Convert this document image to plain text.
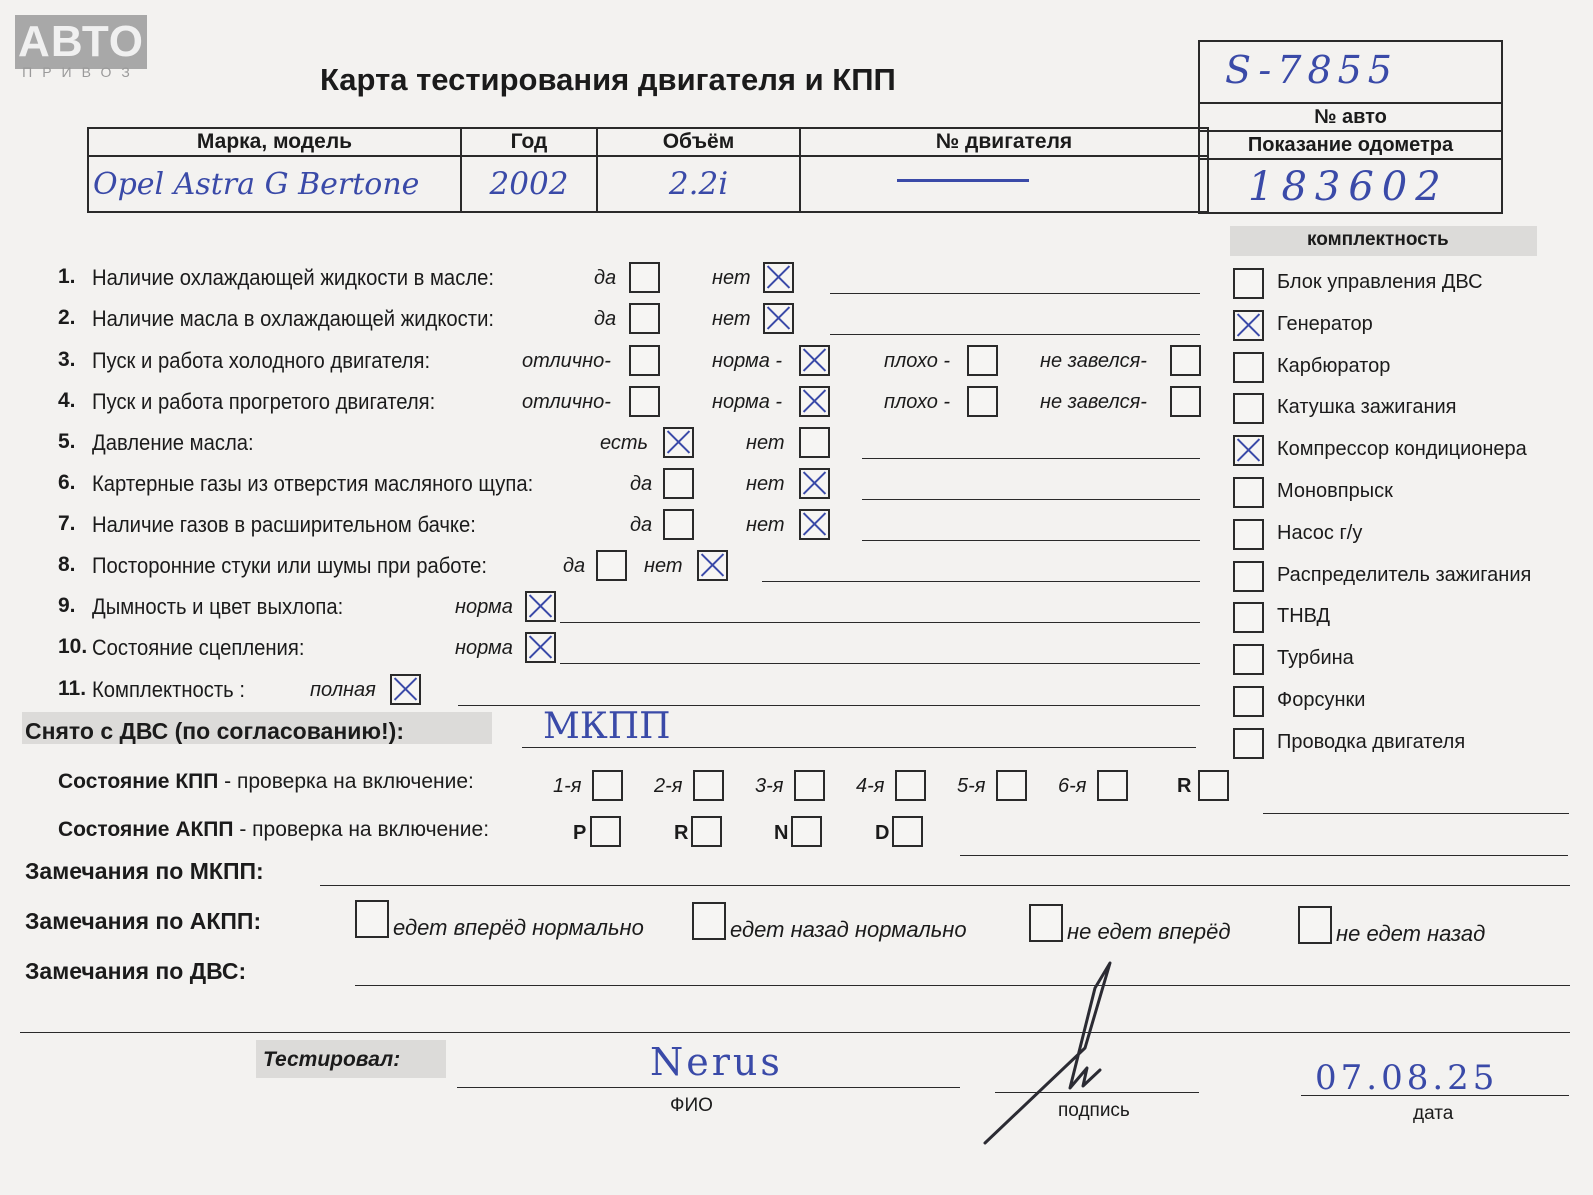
АВТО
ПРИВОЗ	Карта тестирования двигателя и КПП	S-7855
№ авто
Показание одометра
183602
Марка, модель	Год	Объём	№ двигателя
Opel Astra G Bertone	2002	2.2i	
комплектность
Блок управления ДВС
Генератор
Карбюратор
Катушка зажигания
Компрессор кондиционера
Моновпрыск
Насос г/у
Распределитель зажигания
ТНВД
Турбина
Форсунки
Проводка двигателя
1. Наличие охлаждающей жидкости в масле:	да	нет
2. Наличие масла в охлаждающей жидкости:	да	нет
3. Пуск и работа холодного двигателя:	отлично-	норма -	плохо -	не завелся-
4. Пуск и работа прогретого двигателя:	отлично-	норма -	плохо -	не завелся-
5. Давление масла:	есть	нет
6. Картерные газы из отверстия масляного щупа:	да	нет
7. Наличие газов в расширительном бачке:	да	нет
8. Посторонние стуки или шумы при работе:	да	нет
9. Дымность и цвет выхлопа:	норма
10. Состояние сцепления:	норма
11. Комплектность :	полная
Снято с ДВС (по согласованию!):	МКПП
Состояние КПП - проверка на включение:	1-я	2-я	3-я	4-я	5-я	6-я	R
Состояние АКПП - проверка на включение:	P	R	N	D
Замечания по МКПП:
Замечания по АКПП:	едет вперёд нормально	едет назад нормально	не едет вперёд	не едет назад
Замечания по ДВС:
Тестировал:	Nerus
ФИО	подпись
07.08.25
дата
